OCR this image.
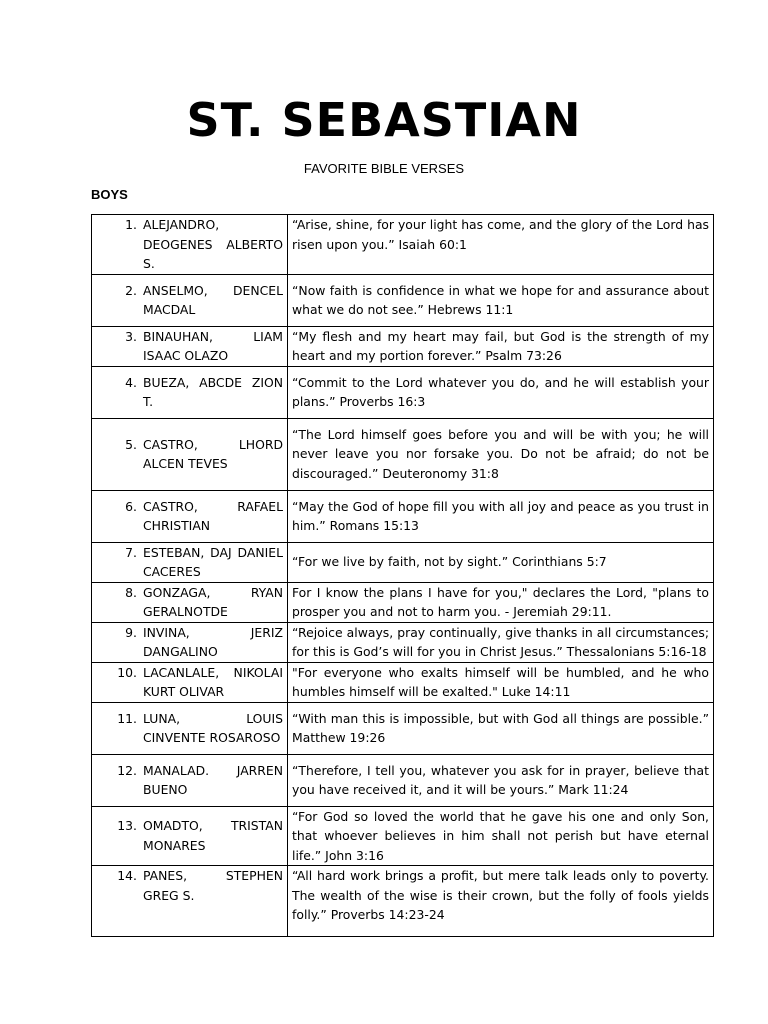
ST. SEBASTIAN
FAVORITE BIBLE VERSES
BOYS
1. ALEJANDRO, DEOGENES ALBERTO S.	“Arise, shine, for your light has come, and the glory of the Lord has risen upon you.” Isaiah 60:1

2. ANSELMO, DENCEL MACDAL	“Now faith is confidence in what we hope for and assurance about what we do not see.” Hebrews 11:1

3. BINAUHAN, LIAM ISAAC OLAZO	“My flesh and my heart may fail, but God is the strength of my heart and my portion forever.” Psalm 73:26

4. BUEZA, ABCDE ZION T.	“Commit to the Lord whatever you do, and he will establish your plans.” Proverbs 16:3

5. CASTRO, LHORD ALCEN TEVES	“The Lord himself goes before you and will be with you; he will never leave you nor forsake you. Do not be afraid; do not be discouraged.” Deuteronomy 31:8

6. CASTRO, RAFAEL CHRISTIAN	“May the God of hope fill you with all joy and peace as you trust in him.” Romans 15:13

7. ESTEBAN, DAJ DANIEL CACERES	“For we live by faith, not by sight.” Corinthians 5:7

8. GONZAGA, RYAN GERALNOTDE	For I know the plans I have for you," declares the Lord, "plans to prosper you and not to harm you. - Jeremiah 29:11.

9. INVINA, JERIZ DANGALINO	“Rejoice always, pray continually, give thanks in all circumstances; for this is God’s will for you in Christ Jesus.” Thessalonians 5:16-18

10. LACANLALE, NIKOLAI KURT OLIVAR	"For everyone who exalts himself will be humbled, and he who humbles himself will be exalted." Luke 14:11

11. LUNA, LOUIS CINVENTE ROSAROSO	“With man this is impossible, but with God all things are possible.” Matthew 19:26

12. MANALAD. JARREN BUENO	“Therefore, I tell you, whatever you ask for in prayer, believe that you have received it, and it will be yours.” Mark 11:24

13. OMADTO, TRISTAN MONARES	“For God so loved the world that he gave his one and only Son, that whoever believes in him shall not perish but have eternal life.” John 3:16

14. PANES, STEPHEN GREG S.	“All hard work brings a profit, but mere talk leads only to poverty. The wealth of the wise is their crown, but the folly of fools yields folly.” Proverbs 14:23-24
